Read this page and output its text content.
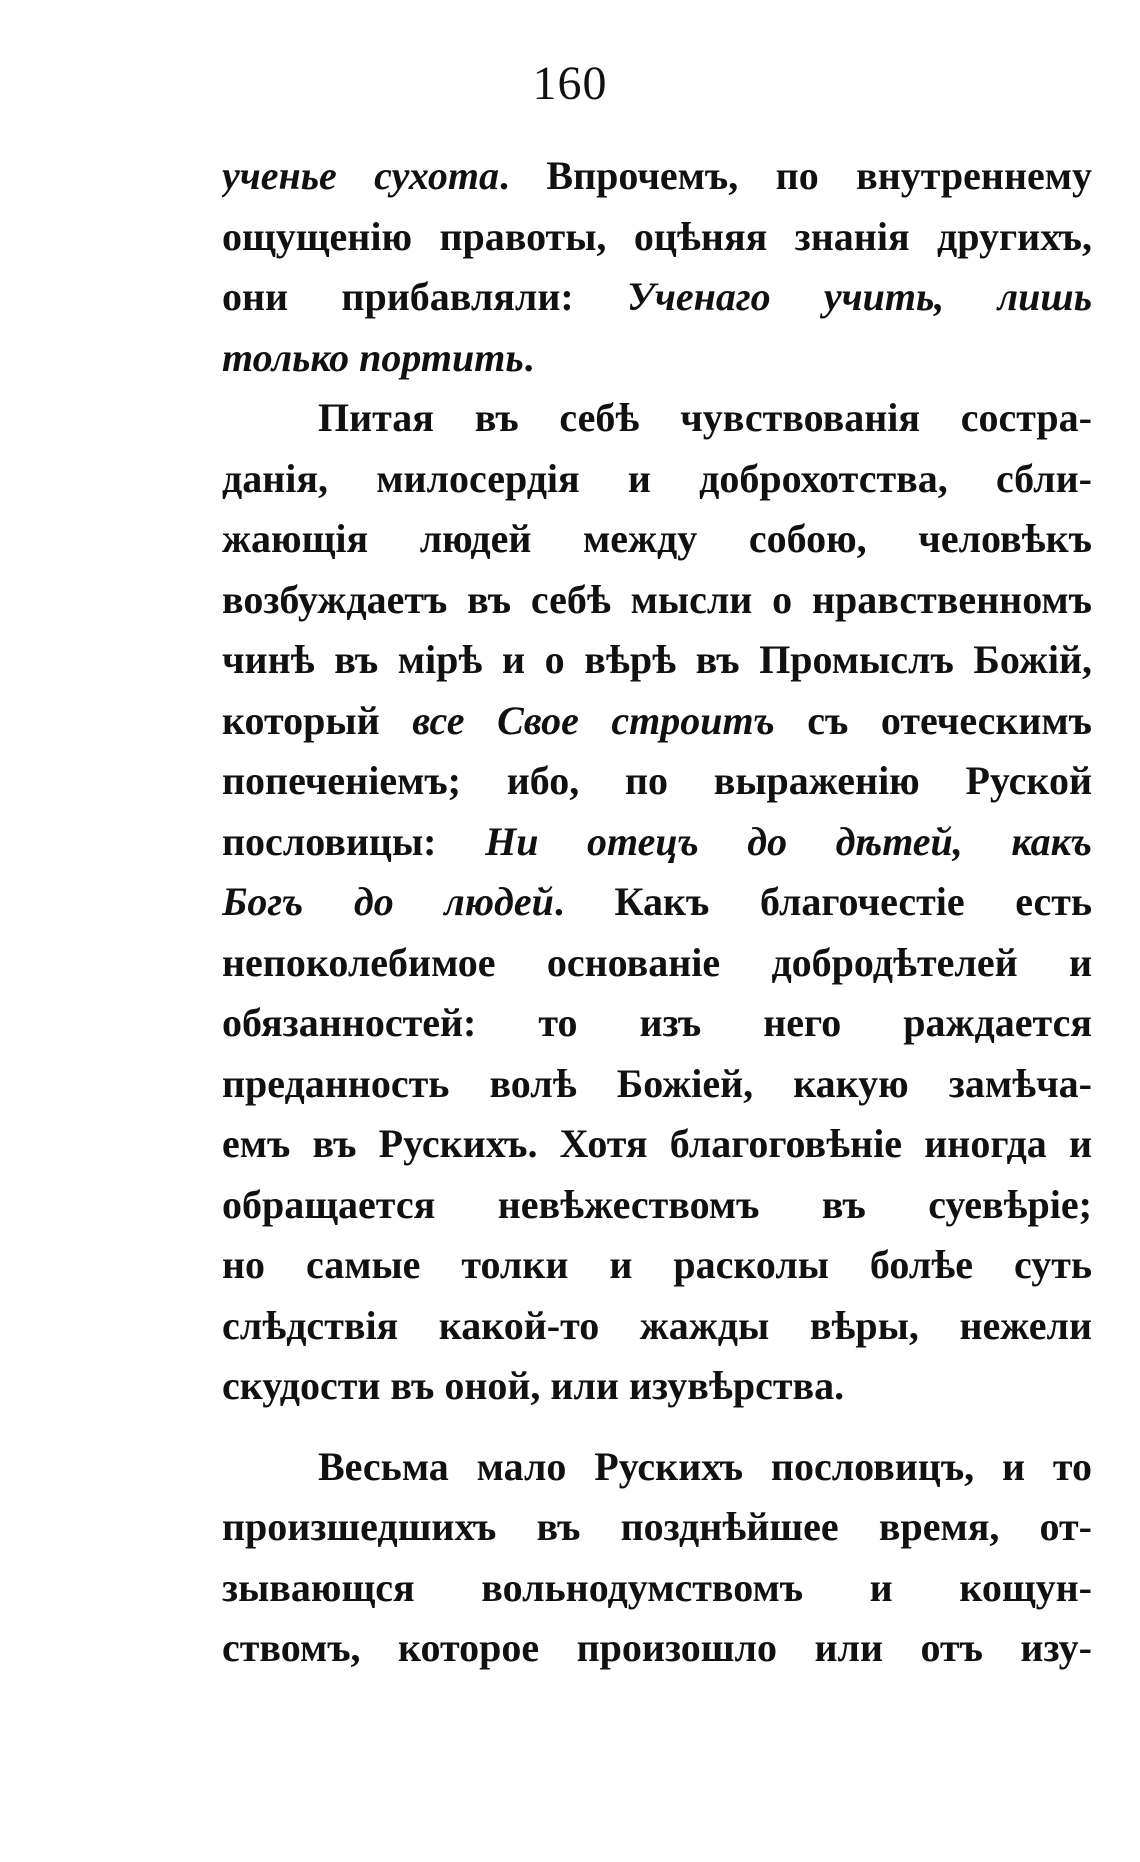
160
ученье сухота. Впрочемъ, по внутреннему
ощущенію правоты, оцѣняя знанія другихъ,
они прибавляли: Ученаго учить, лишь
только портить.
Питая въ себѣ чувствованія состра-
данія, милосердія и доброхотства, сбли-
жающія людей между собою, человѣкъ
возбуждаетъ въ себѣ мысли о нравственномъ
чинѣ въ мірѣ и о вѣрѣ въ Промыслъ Божій,
который все Свое строитъ съ отеческимъ
попеченіемъ; ибо, по выраженію Руской
пословицы: Ни отецъ до дѣтей, какъ
Богъ до людей. Какъ благочестіе есть
непоколебимое основаніе добродѣтелей и
обязанностей: то изъ него раждается
преданность волѣ Божіей, какую замѣча-
емъ въ Рускихъ. Хотя благоговѣніе иногда и
обращается невѣжествомъ въ суевѣріе;
но самые толки и расколы болѣе суть
слѣдствія какой-то жажды вѣры, нежели
скудости въ оной, или изувѣрства.
Весьма мало Рускихъ пословицъ, и то
произшедшихъ въ позднѣйшее время, от-
зывающся вольнодумствомъ и кощун-
ствомъ, которое произошло или отъ изу-
